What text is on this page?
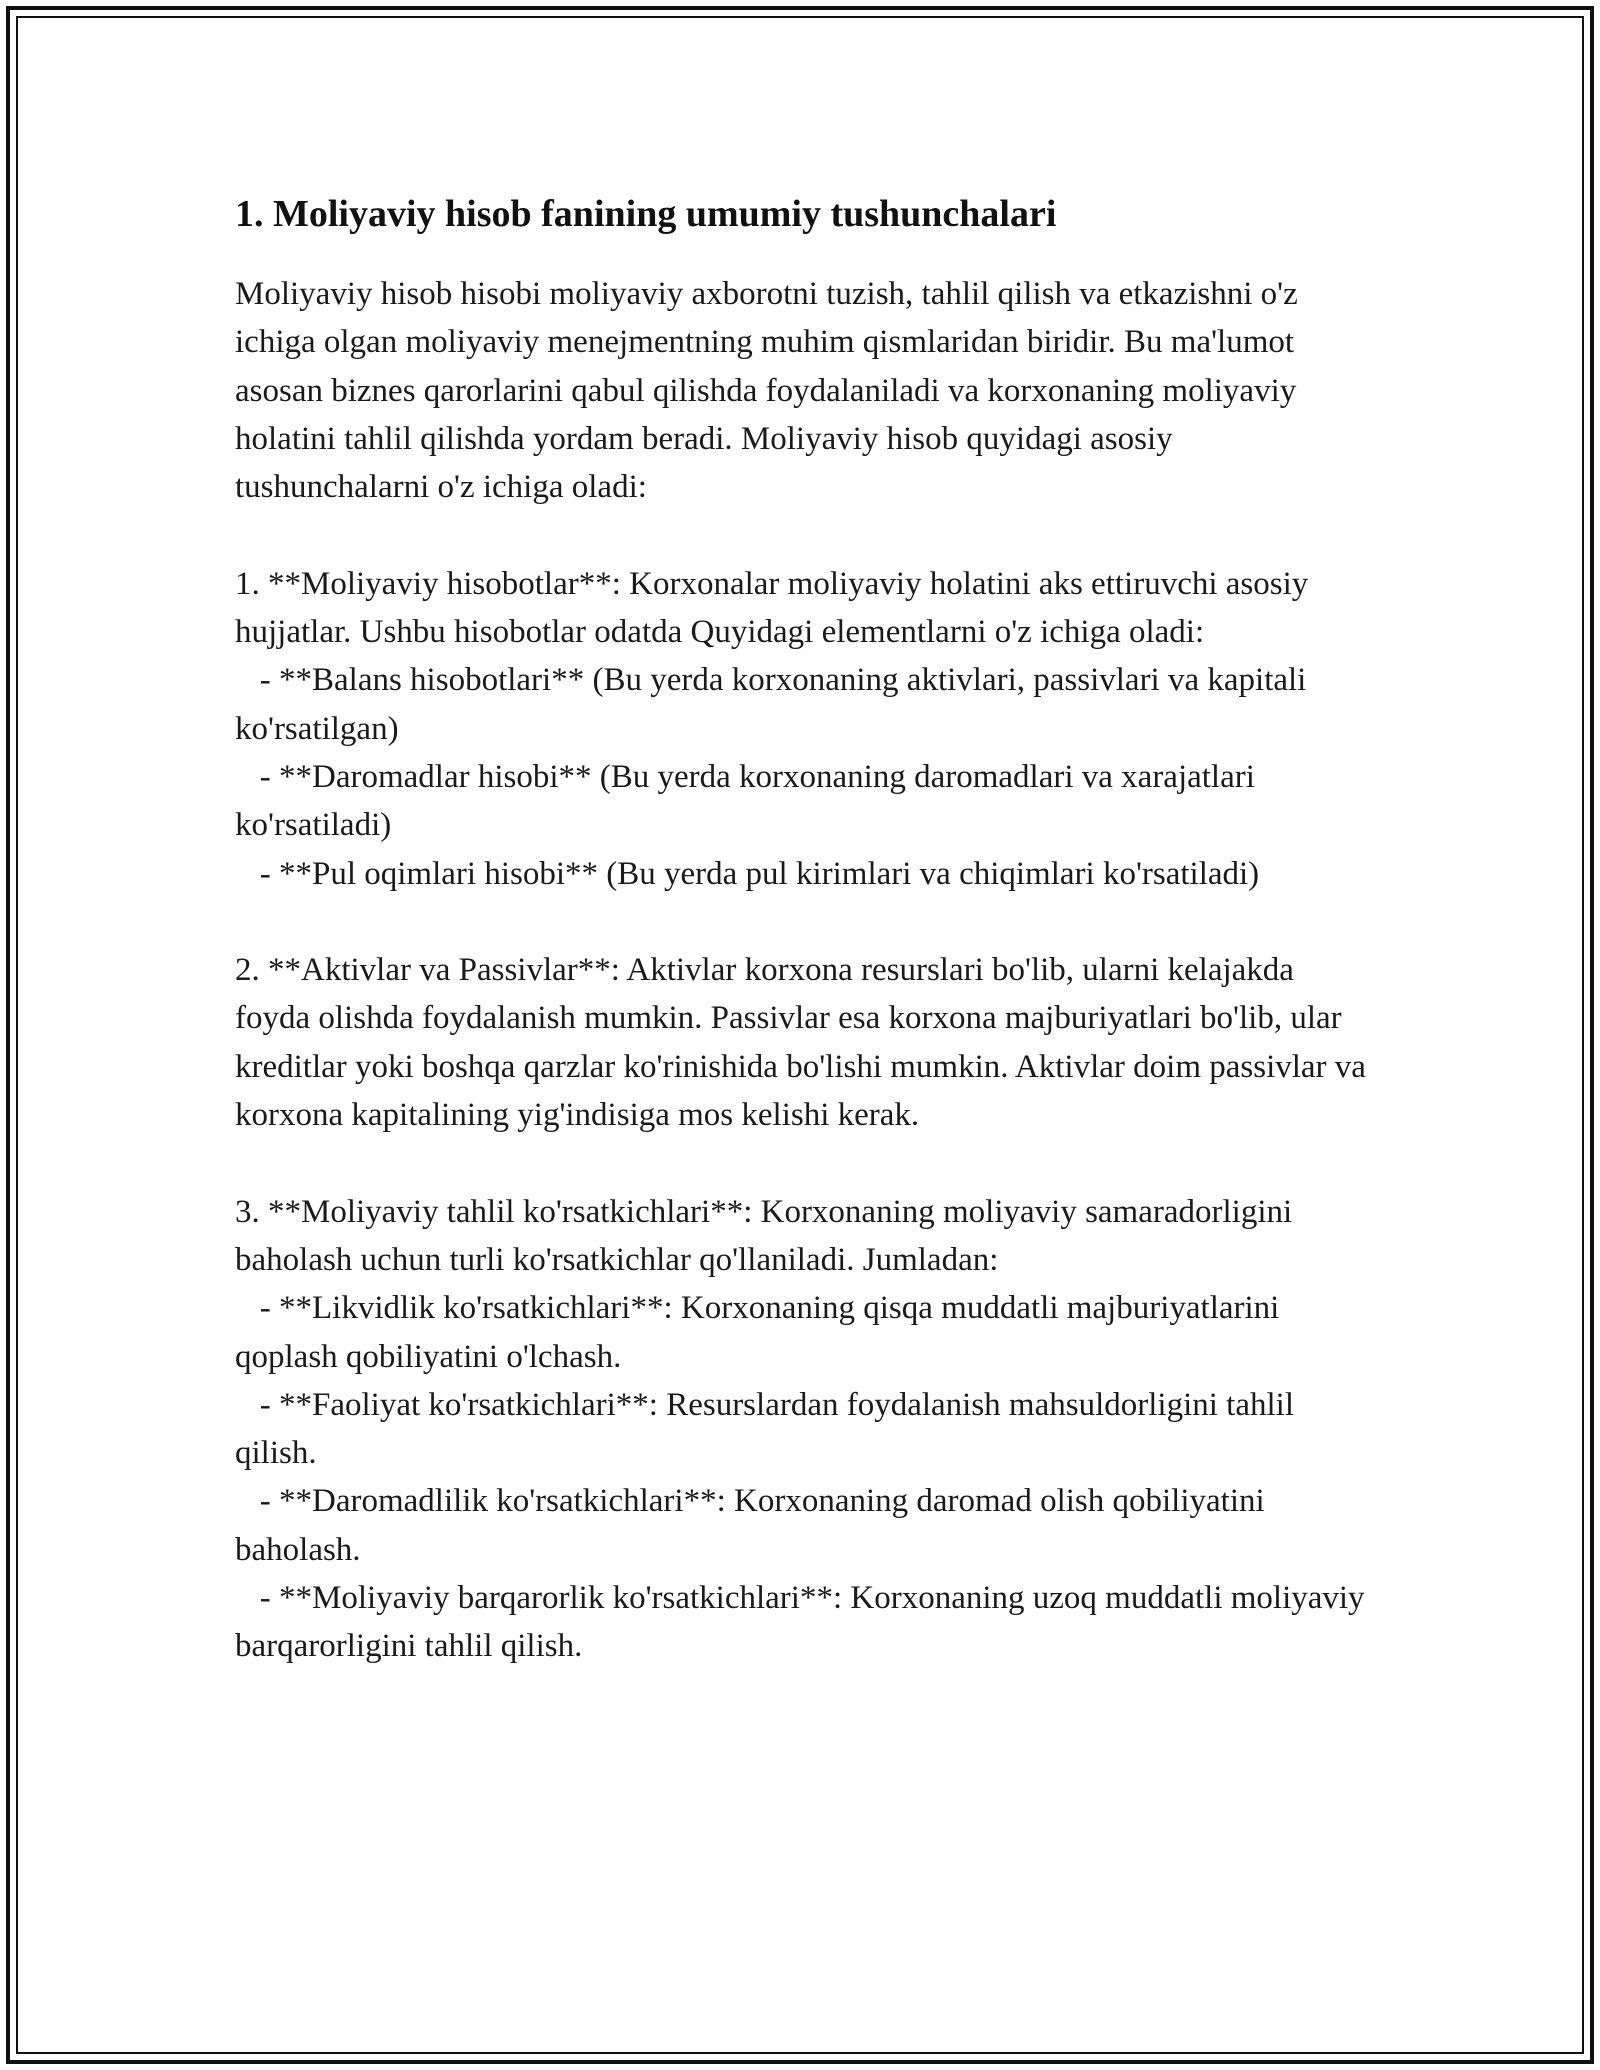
1. Moliyaviy hisob fanining umumiy tushunchalari
Moliyaviy hisob hisobi moliyaviy axborotni tuzish, tahlil qilish va etkazishni o'z ichiga olgan moliyaviy menejmentning muhim qismlaridan biridir. Bu ma'lumot asosan biznes qarorlarini qabul qilishda foydalaniladi va korxonaning moliyaviy holatini tahlil qilishda yordam beradi. Moliyaviy hisob quyidagi asosiy tushunchalarni o'z ichiga oladi:

1. **Moliyaviy hisobotlar**: Korxonalar moliyaviy holatini aks ettiruvchi asosiy hujjatlar. Ushbu hisobotlar odatda Quyidagi elementlarni o'z ichiga oladi:
- **Balans hisobotlari** (Bu yerda korxonaning aktivlari, passivlari va kapitali ko'rsatilgan)
- **Daromadlar hisobi** (Bu yerda korxonaning daromadlari va xarajatlari ko'rsatiladi)
- **Pul oqimlari hisobi** (Bu yerda pul kirimlari va chiqimlari ko'rsatiladi)

2. **Aktivlar va Passivlar**: Aktivlar korxona resurslari bo'lib, ularni kelajakda foyda olishda foydalanish mumkin. Passivlar esa korxona majburiyatlari bo'lib, ular kreditlar yoki boshqa qarzlar ko'rinishida bo'lishi mumkin. Aktivlar doim passivlar va korxona kapitalining yig'indisiga mos kelishi kerak.

3. **Moliyaviy tahlil ko'rsatkichlari**: Korxonaning moliyaviy samaradorligini baholash uchun turli ko'rsatkichlar qo'llaniladi. Jumladan:
- **Likvidlik ko'rsatkichlari**: Korxonaning qisqa muddatli majburiyatlarini qoplash qobiliyatini o'lchash.
- **Faoliyat ko'rsatkichlari**: Resurslardan foydalanish mahsuldorligini tahlil qilish.
- **Daromadlilik ko'rsatkichlari**: Korxonaning daromad olish qobiliyatini baholash.
- **Moliyaviy barqarorlik ko'rsatkichlari**: Korxonaning uzoq muddatli moliyaviy barqarorligini tahlil qilish.
